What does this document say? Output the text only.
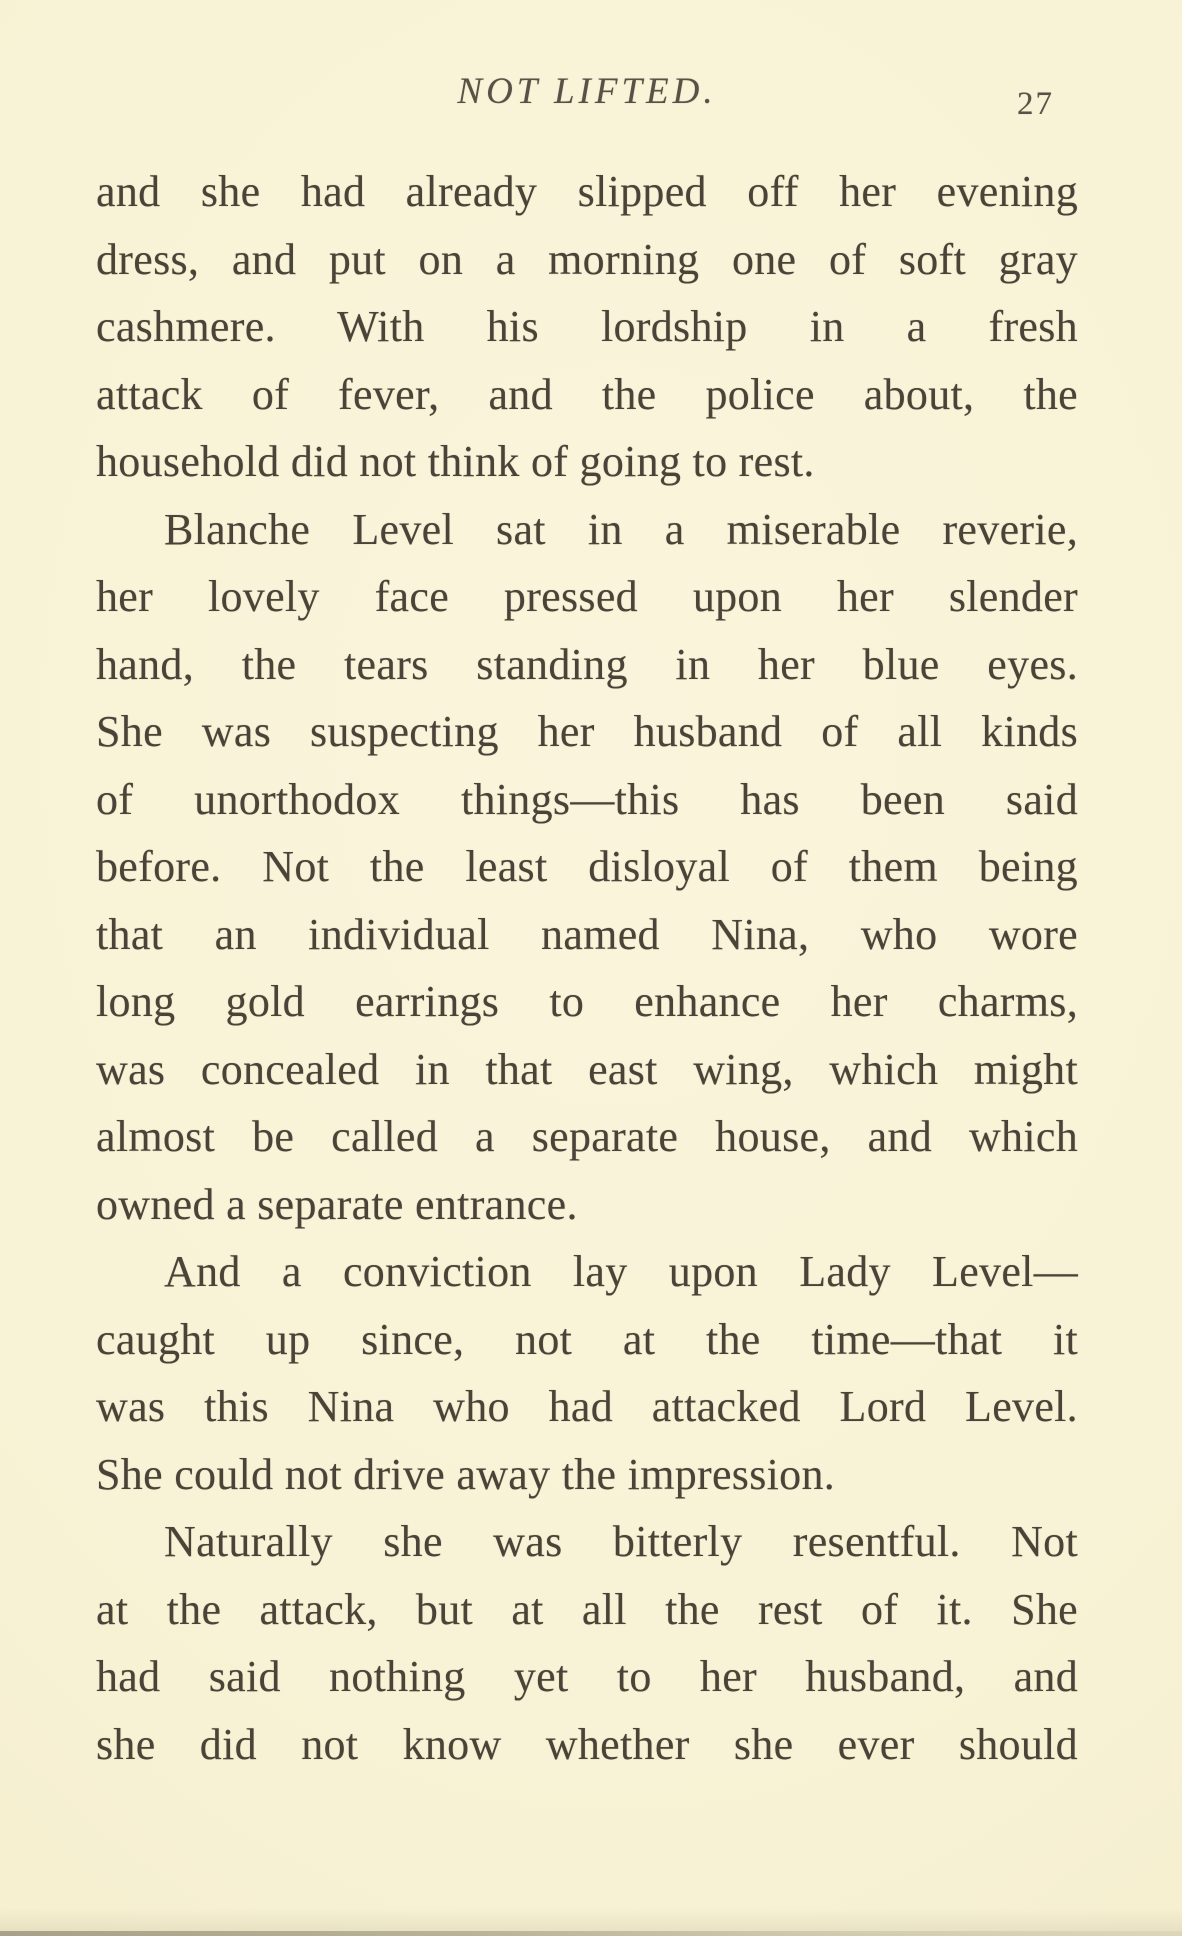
NOT LIFTED.	27
and she had already slipped off her evening
dress, and put on a morning one of soft gray
cashmere. With his lordship in a fresh
attack of fever, and the police about, the
household did not think of going to rest.
Blanche Level sat in a miserable reverie,
her lovely face pressed upon her slender
hand, the tears standing in her blue eyes.
She was suspecting her husband of all kinds
of unorthodox things—this has been said
before. Not the least disloyal of them being
that an individual named Nina, who wore
long gold earrings to enhance her charms,
was concealed in that east wing, which might
almost be called a separate house, and which
owned a separate entrance.
And a conviction lay upon Lady Level—
caught up since, not at the time—that it
was this Nina who had attacked Lord Level.
She could not drive away the impression.
Naturally she was bitterly resentful. Not
at the attack, but at all the rest of it. She
had said nothing yet to her husband, and
she did not know whether she ever should
